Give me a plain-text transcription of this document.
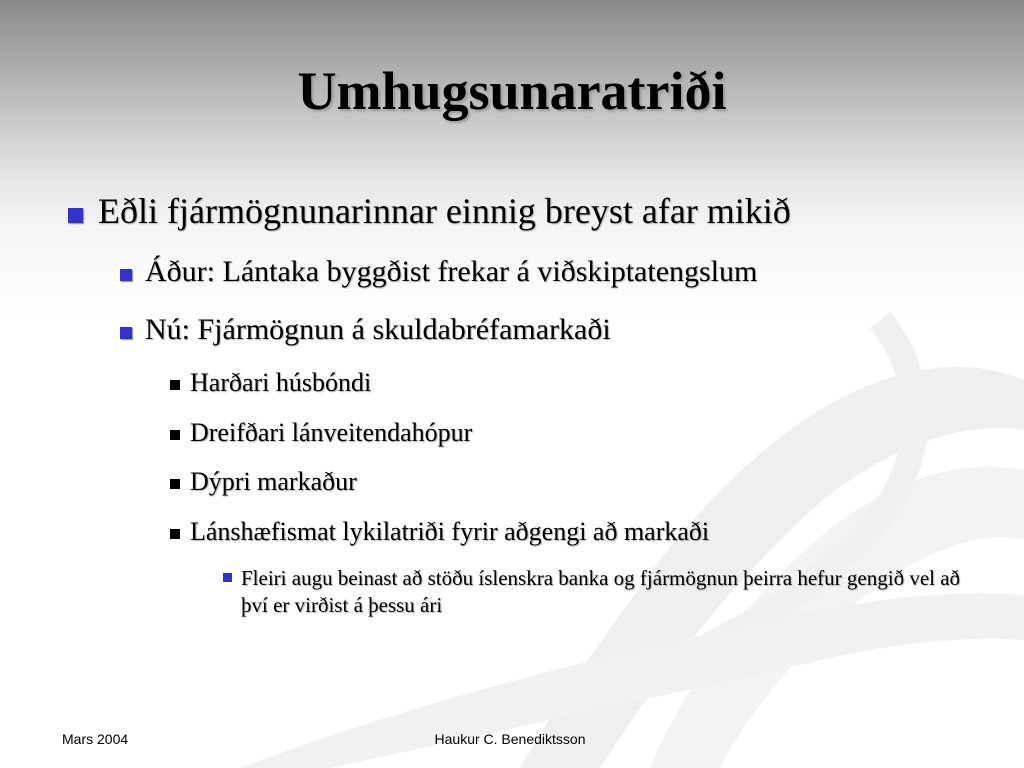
Umhugsunaratriði
Eðli fjármögnunarinnar einnig breyst afar mikið
Áður: Lántaka byggðist frekar á viðskiptatengslum
Nú: Fjármögnun á skuldabréfamarkaði
Harðari húsbóndi
Dreifðari lánveitendahópur
Dýpri markaður
Lánshæfismat lykilatriði fyrir aðgengi að markaði
Fleiri augu beinast að stöðu íslenskra banka og fjármögnun þeirra hefur gengið vel að því er virðist á þessu ári
Mars 2004	Haukur C. Benediktsson
